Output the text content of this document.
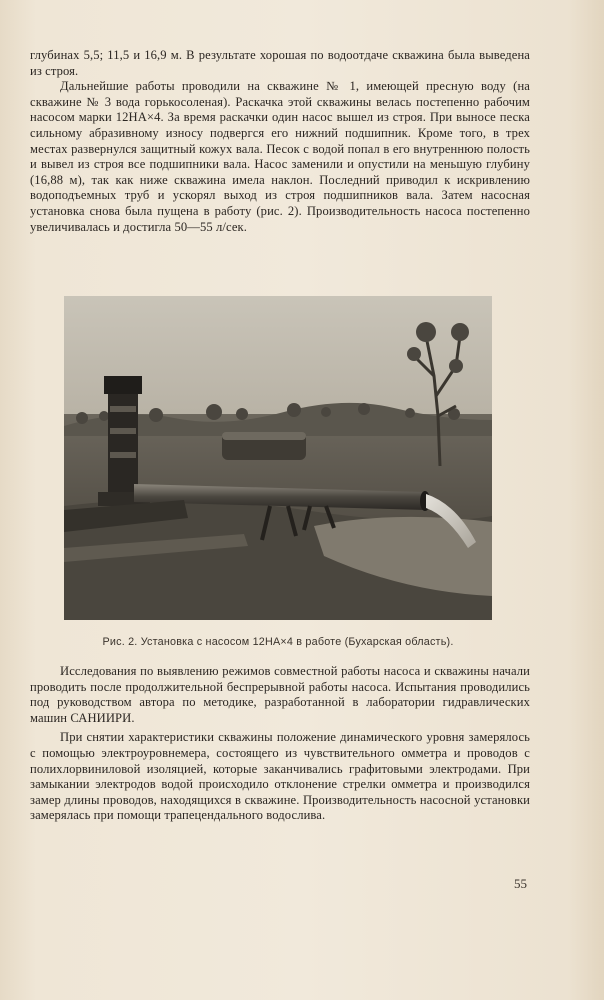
глубинах 5,5; 11,5 и 16,9 м. В результате хорошая по водоотдаче скважина была выведена из строя.

Дальнейшие работы проводили на скважине № 1, имеющей пресную воду (на скважине № 3 вода горькосоленая). Раскачка этой скважины велась постепенно рабочим насосом марки 12НА×4. За время раскачки один насос вышел из строя. При выносе песка сильному абразивному износу подвергся его нижний подшипник. Кроме того, в трех местах развернулся защитный кожух вала. Песок с водой попал в его внутреннюю полость и вывел из строя все подшипники вала. Насос заменили и опустили на меньшую глубину (16,88 м), так как ниже скважина имела наклон. Последний приводил к искривлению водоподъемных труб и ускорял выход из строя подшипников вала. Затем насосная установка снова была пущена в работу (рис. 2). Производительность насоса постепенно увеличивалась и достигла 50—55 л/сек.

Рис. 2. Установка с насосом 12НА×4 в работе (Бухарская область).

Исследования по выявлению режимов совместной работы насоса и скважины начали проводить после продолжительной беспрерывной работы насоса. Испытания проводились под руководством автора по методике, разработанной в лаборатории гидравлических машин САНИИРИ.

При снятии характеристики скважины положение динамического уровня замерялось с помощью электроуровнемера, состоящего из чувствительного омметра и проводов с полихлорвиниловой изоляцией, которые заканчивались графитовыми электродами. При замыкании электродов водой происходило отклонение стрелки омметра и производился замер длины проводов, находящихся в скважине. Производительность насосной установки замерялась при помощи трапецендального водослива.

55
